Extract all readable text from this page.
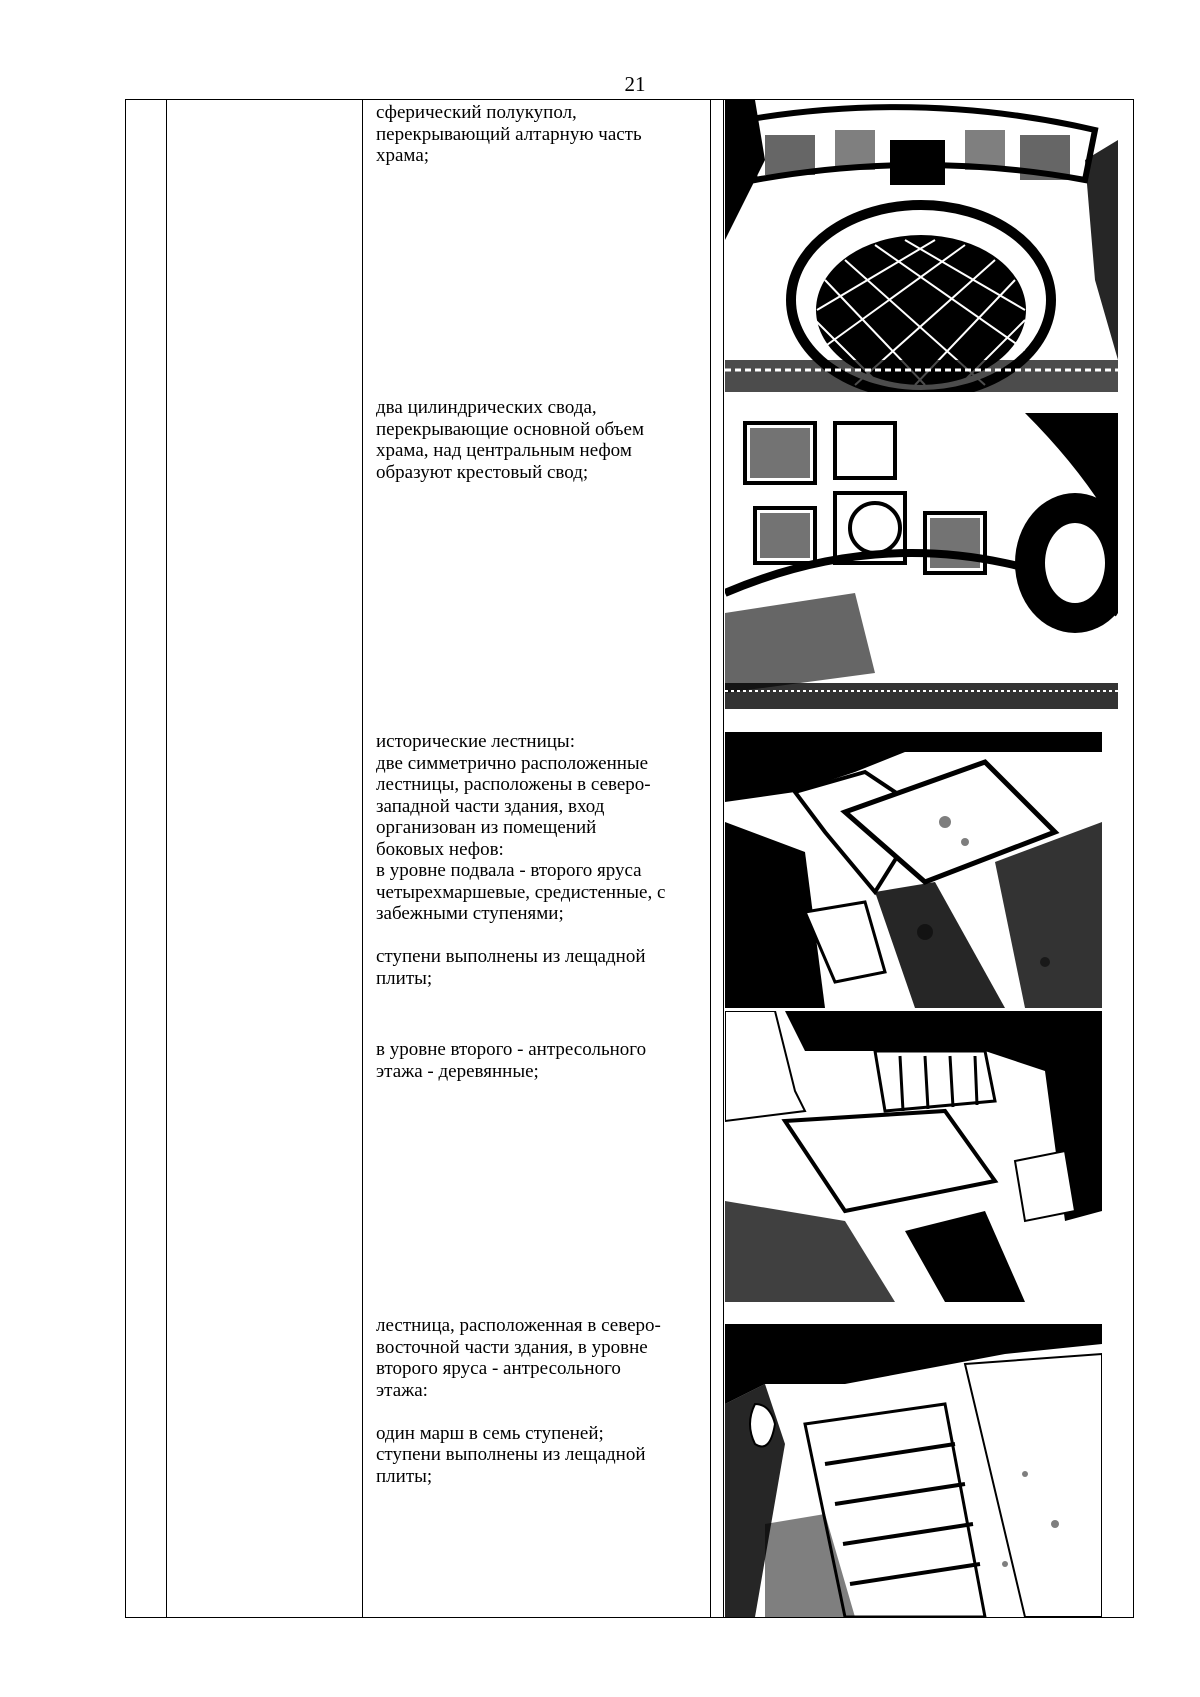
21

сферический полукупол,

перекрывающий алтарную часть

храма;

два цилиндрических свода,

перекрывающие основной объем

храма, над центральным нефом

образуют крестовый свод;

исторические лестницы:

две симметрично расположенные

лестницы, расположены в северо-

западной части здания, вход

организован из помещений

боковых нефов:

в уровне подвала - второго яруса

четырехмаршевые, средистенные, с

забежными ступенями;

ступени выполнены из лещадной

плиты;

в уровне второго - антресольного

этажа - деревянные;

лестница, расположенная в северо-

восточной части здания, в уровне

второго яруса - антресольного

этажа:

один марш в семь ступеней;

ступени выполнены из лещадной

плиты;
